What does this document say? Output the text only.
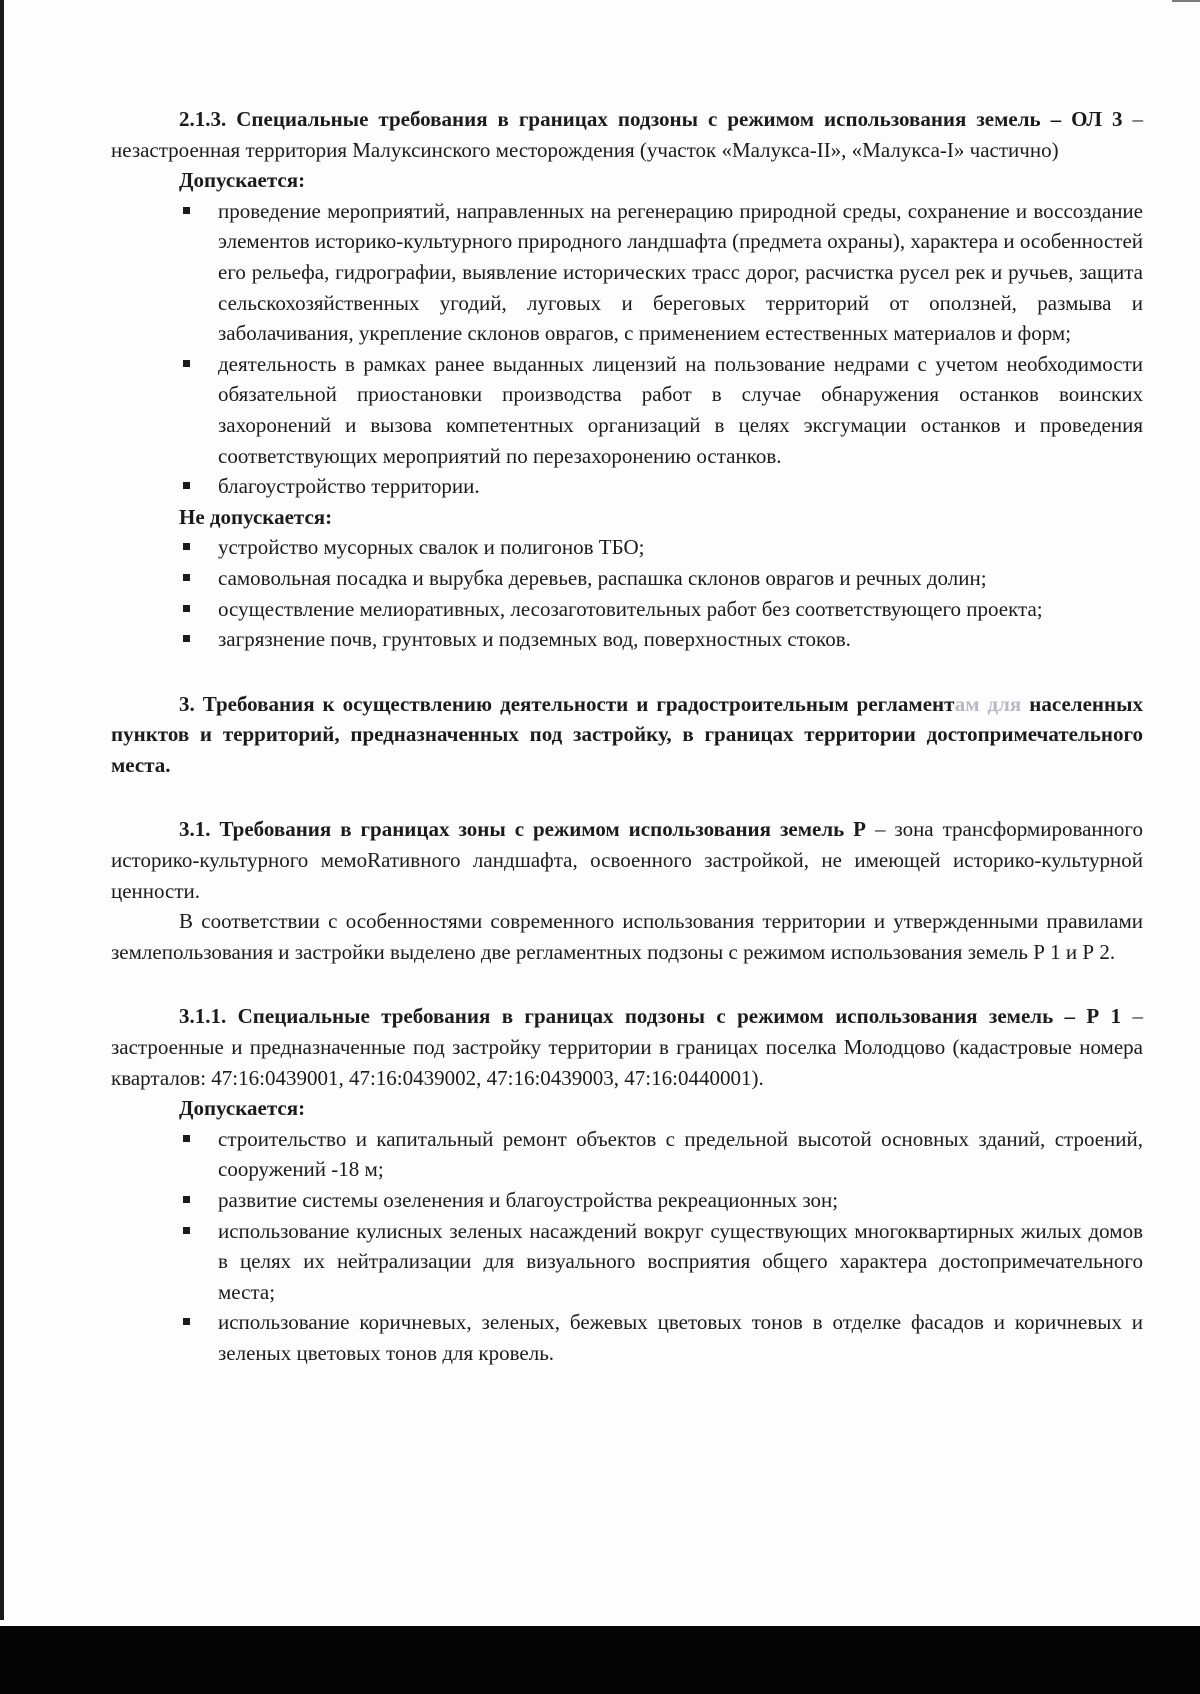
2.1.3. Специальные требования в границах подзоны с режимом использования земель – ОЛ 3 – незастроенная территория Малуксинского месторождения (участок «Малукса-II», «Малукса-I» частично)

Допускается:

проведение мероприятий, направленных на регенерацию природной среды, сохранение и воссоздание элементов историко-культурного природного ландшафта (предмета охраны), характера и особенностей его рельефа, гидрографии, выявление исторических трасс дорог, расчистка русел рек и ручьев, защита сельскохозяйственных угодий, луговых и береговых территорий от оползней, размыва и заболачивания, укрепление склонов оврагов, с применением естественных материалов и форм;
деятельность в рамках ранее выданных лицензий на пользование недрами с учетом необходимости обязательной приостановки производства работ в случае обнаружения останков воинских захоронений и вызова компетентных организаций в целях эксгумации останков и проведения соответствующих мероприятий по перезахоронению останков.
благоустройство территории.

Не допускается:

устройство мусорных свалок и полигонов ТБО;
самовольная посадка и вырубка деревьев, распашка склонов оврагов и речных долин;
осуществление мелиоративных, лесозаготовительных работ без соответствующего проекта;
загрязнение почв, грунтовых и подземных вод, поверхностных стоков.

3. Требования к осуществлению деятельности и градостроительным регламентам для населенных пунктов и территорий, предназначенных под застройку, в границах территории достопримечательного места.

3.1. Требования в границах зоны с режимом использования земель Р – зона трансформированного историко-культурного мемоRативного ландшафта, освоенного застройкой, не имеющей историко-культурной ценности.

В соответствии с особенностями современного использования территории и утвержденными правилами землепользования и застройки выделено две регламентных подзоны с режимом использования земель Р 1 и Р 2.

3.1.1. Специальные требования в границах подзоны с режимом использования земель – Р 1 – застроенные и предназначенные под застройку территории в границах поселка Молодцово (кадастровые номера кварталов: 47:16:0439001, 47:16:0439002, 47:16:0439003, 47:16:0440001).

Допускается:

строительство и капитальный ремонт объектов с предельной высотой основных зданий, строений, сооружений -18 м;
развитие системы озеленения и благоустройства рекреационных зон;
использование кулисных зеленых насаждений вокруг существующих многоквартирных жилых домов в целях их нейтрализации для визуального восприятия общего характера достопримечательного места;
использование коричневых, зеленых, бежевых цветовых тонов в отделке фасадов и коричневых и зеленых цветовых тонов для кровель.
